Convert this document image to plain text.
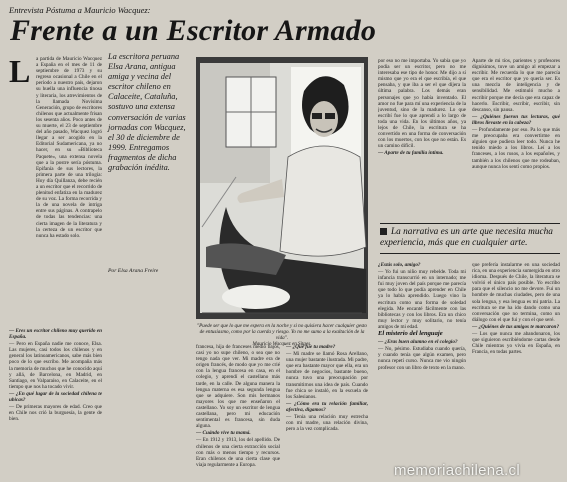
Entrevista Póstuma a Mauricio Wacquez:
Frente a un Escritor Armado
L a partida de Mauricio Wacquez a España en el mes de 11 de septiembre de 1973 y su regreso ocasional a Chile en el período a nuestro país, dejaron su huella una influencia tinosa y literaria, los atrevimientos de la llamada Novísima Generación, grupo de escritores chilenos que actualmente frisan los sesenta años. Poco antes de su muerte, el 23 de septiembre del año pasado, Wacquez logró llegar a ser acogido en la Editorial Sudamericana, ya no hacer, en su «Biblioteca Paquete», una extensa novela que a la postre sería póstuma. Epifanía de sus lectores, la primera parte de una trilogía: Hoy día Quillanza, debe recién a un escritor que el recorrido de plenitud enfatiza en la madurez de su voz. La forma recorrida y la de una novela de intriga entre sus páginas. A contrapelo de todas las tendencias: una cierta imagen de la literatura y la certeza de un escritor que nunca ha estado solo.

— Eres un escritor chileno muy querido en España.

— Pero en España nadie me conoce, Elsa. Las mujeres, casi todos los chilenos y en general los latinoamericanos, sabe más bien poco de lo que escribo. Me acompaña más la memoria de muchos que he conocido aquí y allá, de Barcelona, en Madrid, en Santiago, en Valparaíso, en Calaceite, en el tiempo que nos ha tocado vivir.

— ¿En qué lugar de la sociedad chilena te ubicas?

— De primeras mayores de edad. Creo que en Chile nos crió la burguesía, la gente de bien.

La escritora peruana Elsa Arana, antigua amiga y vecina del escritor chileno en Calaceite, Cataluña, sostuvo una extensa conversación de varias jornadas con Wacquez, el 30 de diciembre de 1999. Entregamos fragmentos de dicha grabación inédita.
Por Elsa Arana Freire
"Puede ser que lo que me espera en la noche y si no quisiera hacer cualquier gesto de entusiasmo, como por la cuerda y riesgo. Yo no me sumo a la exaltación de la vida".
Mauricio Wacquez en Sitges.

francesa, hija de franceses medio bajos, casi yo no supe chileno, o sea que no tengo nada que ver. Mi madre era de origen francés, de modo que yo me crié con la lengua francesa en casa, en el colegio, y aprendí el castellano más tarde, en la calle. De alguna manera la lengua materna es esa segunda lengua que se adquiere. Son mis hermanos mayores los que me enseñaron el castellano. Yo soy un escritor de lengua castellana, pero mi educación sentimental es francesa, sin duda alguna.

— Cuándo vive tu mamá.

— En 1912 y 1913, los del apellido. De chilenos de una cierta extracción social con más o menos tiempo y recursos. Eran chilenos de una cierta clase que viaja regularmente a Europa.

— ¿Qué fue tu madre?

— Mi madre se llamó Rosa Arellano, una mujer bastante ilustrada. Mi padre, que era bastante mayor que ella, era un hombre de negocios, bastante bueno, nunca tuvo una preocupación por transmitirnos una idea de país. Cuando fue chica se instaló, en la escuela de los Salesianos.

— ¿Cómo era tu relación familiar, afectiva, digamos?

— Tenía una relación muy estrecha con mi madre, una relación divina, pero a la vez complicada.

por eso no me importaba. Yo sabía que yo podía ser un escritor, pero no me interesaba ese tipo de honor. Me dijo a sí mismo que yo era el que escribía, el que pensaba, y que iba a ser el que dijera la última palabra. Los demás eran personajes que yo había inventado. El amor no fue para mí una experiencia de la juventud, sino de la madurez. Lo que escribí fue lo que aprendí a lo largo de toda una vida. En los últimos años, ya lejos de Chile, la escritura se ha convertido en una forma de conversación con los muertos, con los que no están. Es un camino difícil.

— Aparte de tu familia íntima.

Aparte de mi tíos, parientes y profesores dignísimos, tuve un amigo al empezar a escribir. Me recuerda lo que me parecía que era el escritor que yo quería ser. Es una mezcla de inteligencia y de sensibilidad. Me estimuló mucho a escribir porque me decía que era capaz de hacerlo. Escribir, escribir, escribir, sin descanso, sin pausa.

— ¿Quiénes fueron tus lecturas, qué libros llevaste en la cabeza?

— Profundamente por eso. Pa lo que más me preocupaba era convertirme en alguien que pudiera leer todo. Nunca he tenido miedo a los libros. Leí a los franceses, a los rusos, a los españoles, y también a los chilenos que me rodeaban, aunque nunca los sentí como propios.

La narrativa es un arte que necesita mucha experiencia, más que en cualquier arte.

¿Estás solo, amigo?

— Yo fui un niño muy rebelde. Toda mi infancia transcurrió en un internado; me fui muy joven del país porque me parecía que todo lo que podía aprender en Chile ya lo había aprendido. Luego vino la escritura como una forma de soledad elegida. Me encanté fácilmente con las bibliotecas y con los libros. Era un chico muy lector y muy solitario, no tenía amigos de mi edad.

El misterio del lenguaje

— ¿Eras buen alumno en el colegio?

— No, pésimo. Estudiaba cuando quería, y cuando tenía que algún examen, pero nunca repetí curso. Nunca me vio ningún profesor con un libro de texto en la mano.

que prefería instalarme en una sociedad rica, en una experiencia sumergida en otro idioma. Después de Chile, la literatura se volvió el único país posible. Yo escribo para que el silencio no me devore. Fui un hombre de muchas ciudades, pero de una sola lengua, y esa lengua es mi patria. La escritura se me ha ido dando como una conversación que no termina, como un diálogo con el que fui y con el que seré.

— ¿Quiénes de tus amigos te marcaron?

— Los que nunca me abandonaron, los que siguieron escribiéndome cartas desde Chile mientras yo vivía en España, en Francia, en todas partes.

memoriachilena.cl
